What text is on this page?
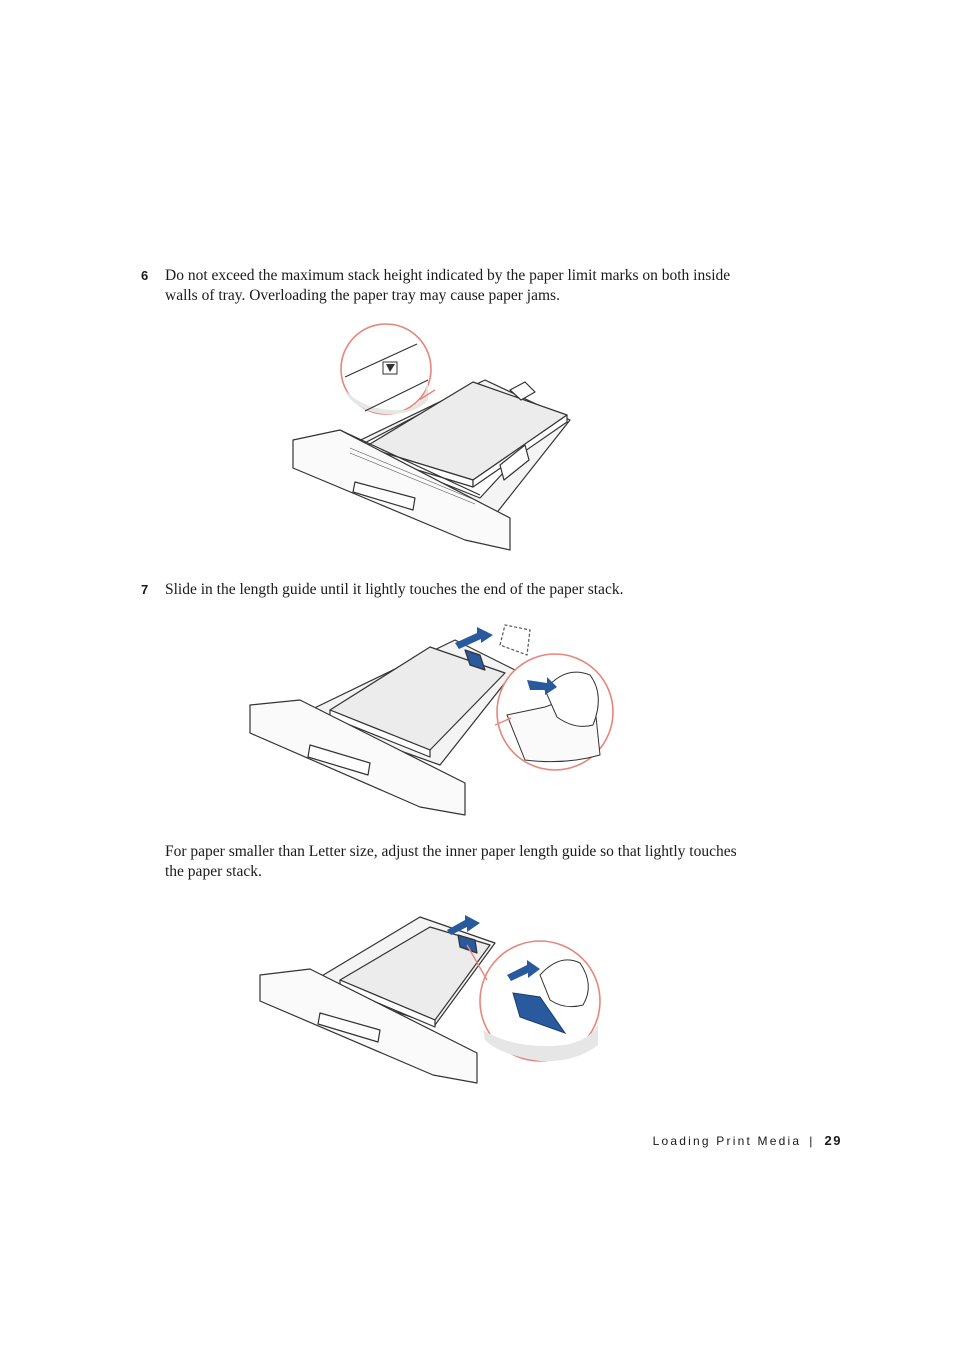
6 Do not exceed the maximum stack height indicated by the paper limit marks on both inside walls of tray. Overloading the paper tray may cause paper jams.
7 Slide in the length guide until it lightly touches the end of the paper stack.
For paper smaller than Letter size, adjust the inner paper length guide so that lightly touches the paper stack.
Loading Print Media | 29
